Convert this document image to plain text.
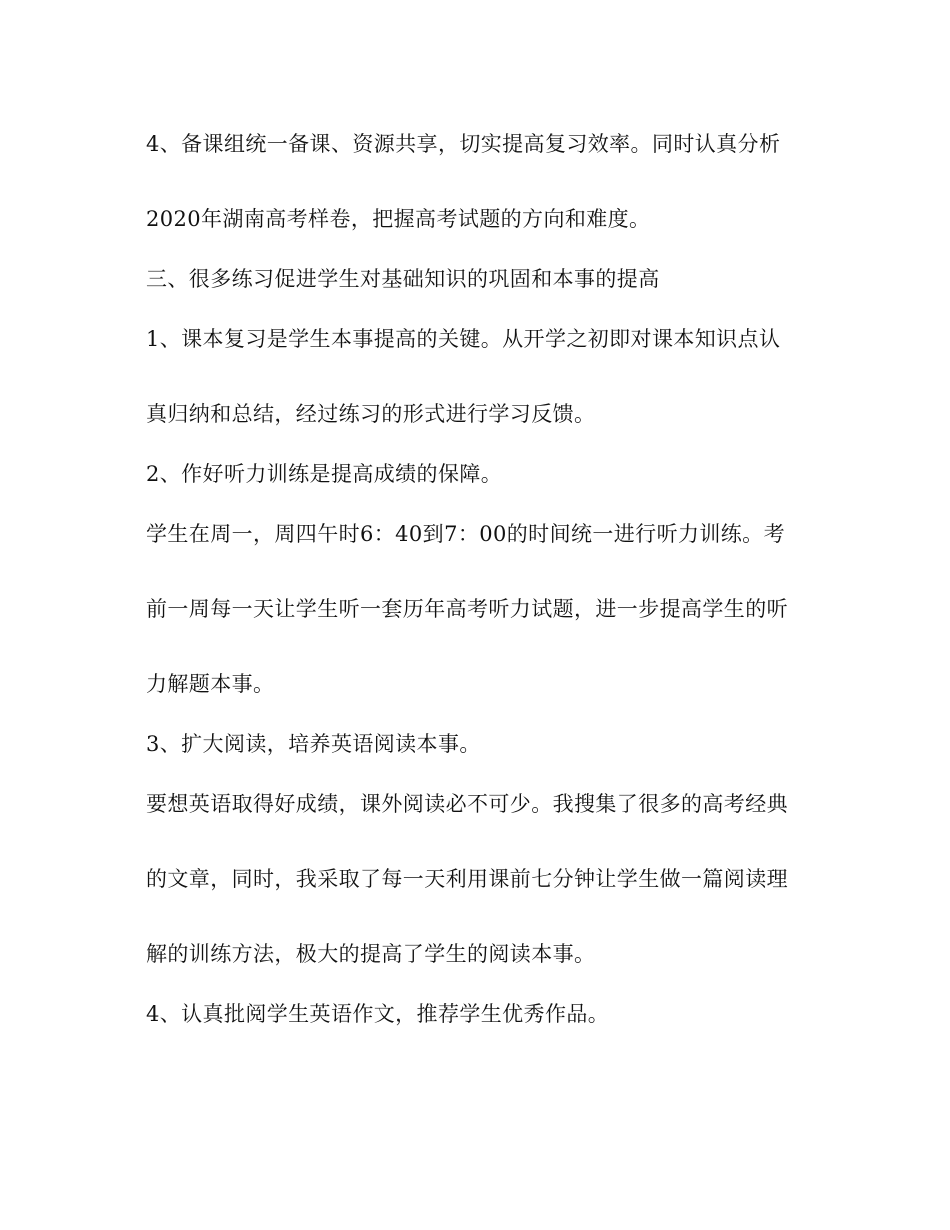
4、备课组统一备课、资源共享，切实提高复习效率。同时认真分析
2020年湖南高考样卷，把握高考试题的方向和难度。
三、很多练习促进学生对基础知识的巩固和本事的提高
1、课本复习是学生本事提高的关键。从开学之初即对课本知识点认
真归纳和总结，经过练习的形式进行学习反馈。
2、作好听力训练是提高成绩的保障。
学生在周一，周四午时6：40到7：00的时间统一进行听力训练。考
前一周每一天让学生听一套历年高考听力试题，进一步提高学生的听
力解题本事。
3、扩大阅读，培养英语阅读本事。
要想英语取得好成绩，课外阅读必不可少。我搜集了很多的高考经典
的文章，同时，我采取了每一天利用课前七分钟让学生做一篇阅读理
解的训练方法，极大的提高了学生的阅读本事。
4、认真批阅学生英语作文，推荐学生优秀作品。
